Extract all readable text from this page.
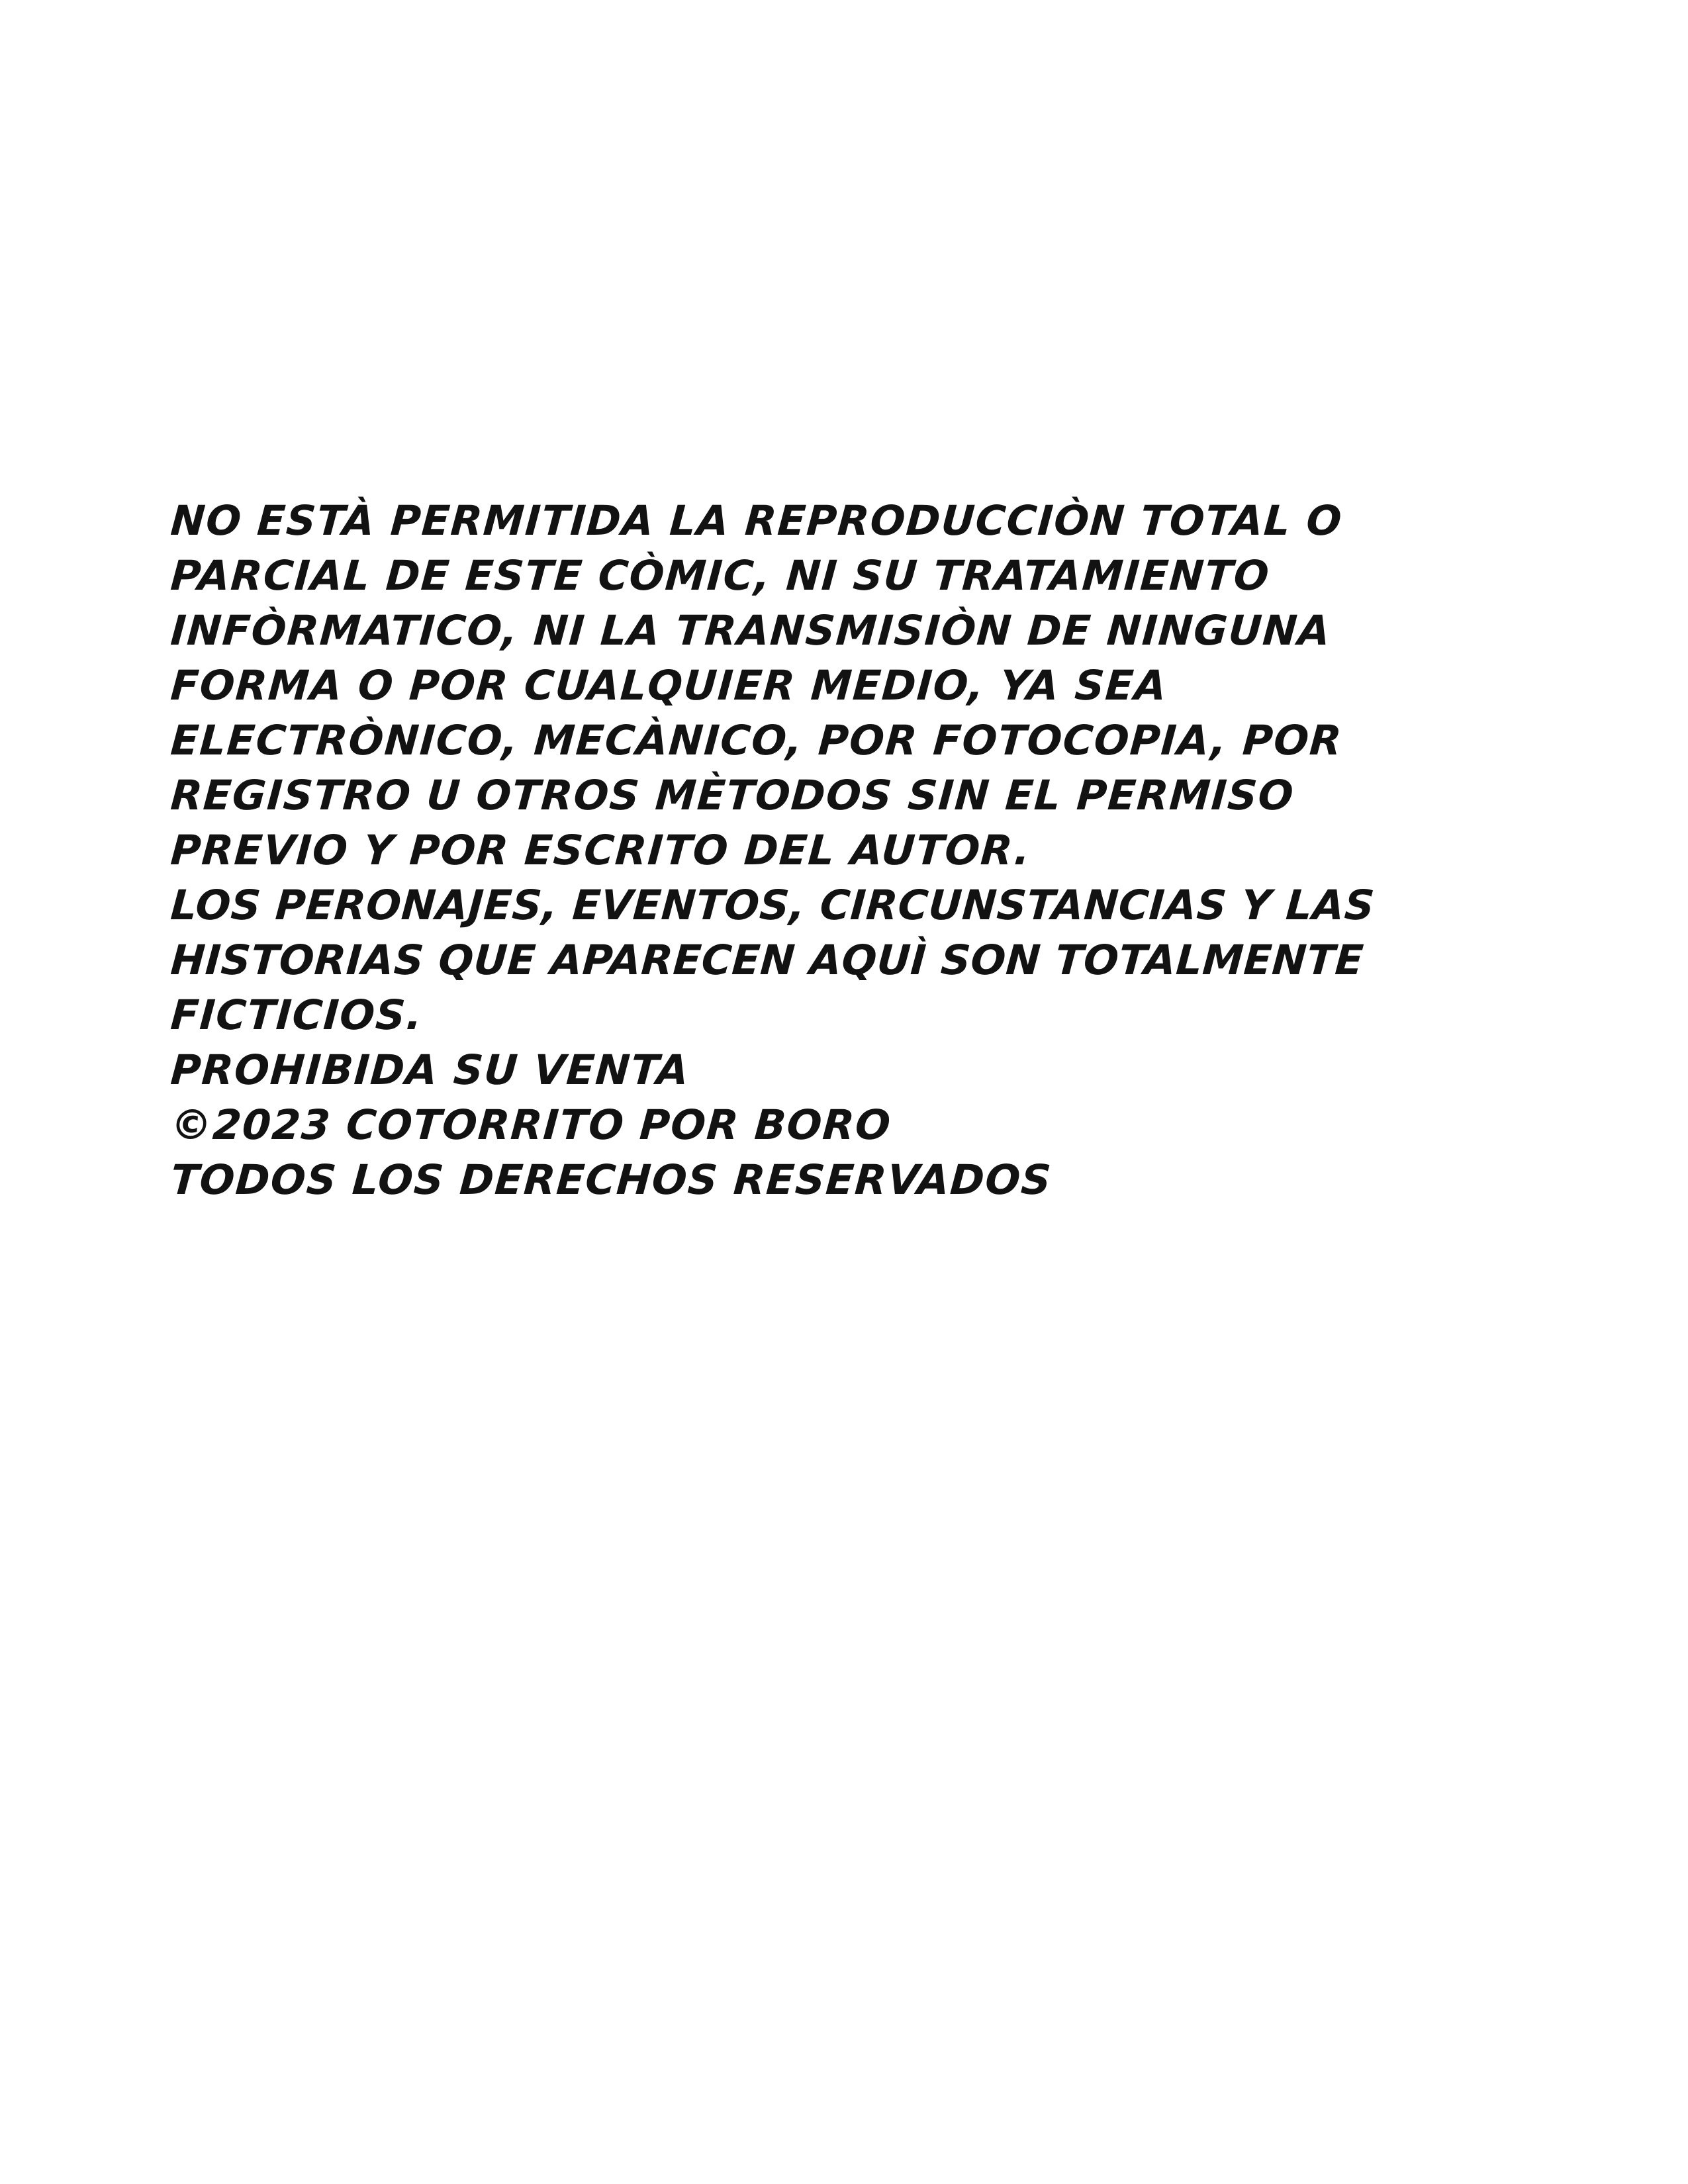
NO ESTÀ PERMITIDA LA REPRODUCCIÒN TOTAL O
PARCIAL DE ESTE CÒMIC, NI SU TRATAMIENTO
INFÒRMATICO, NI LA TRANSMISIÒN DE NINGUNA
FORMA O POR CUALQUIER MEDIO, YA SEA
ELECTRÒNICO, MECÀNICO, POR FOTOCOPIA, POR
REGISTRO U OTROS MÈTODOS SIN EL PERMISO
PREVIO Y POR ESCRITO DEL AUTOR.
LOS PERONAJES, EVENTOS, CIRCUNSTANCIAS Y LAS
HISTORIAS QUE APARECEN AQUÌ SON TOTALMENTE
FICTICIOS.
PROHIBIDA SU VENTA
©2023 COTORRITO POR BORO
TODOS LOS DERECHOS RESERVADOS
